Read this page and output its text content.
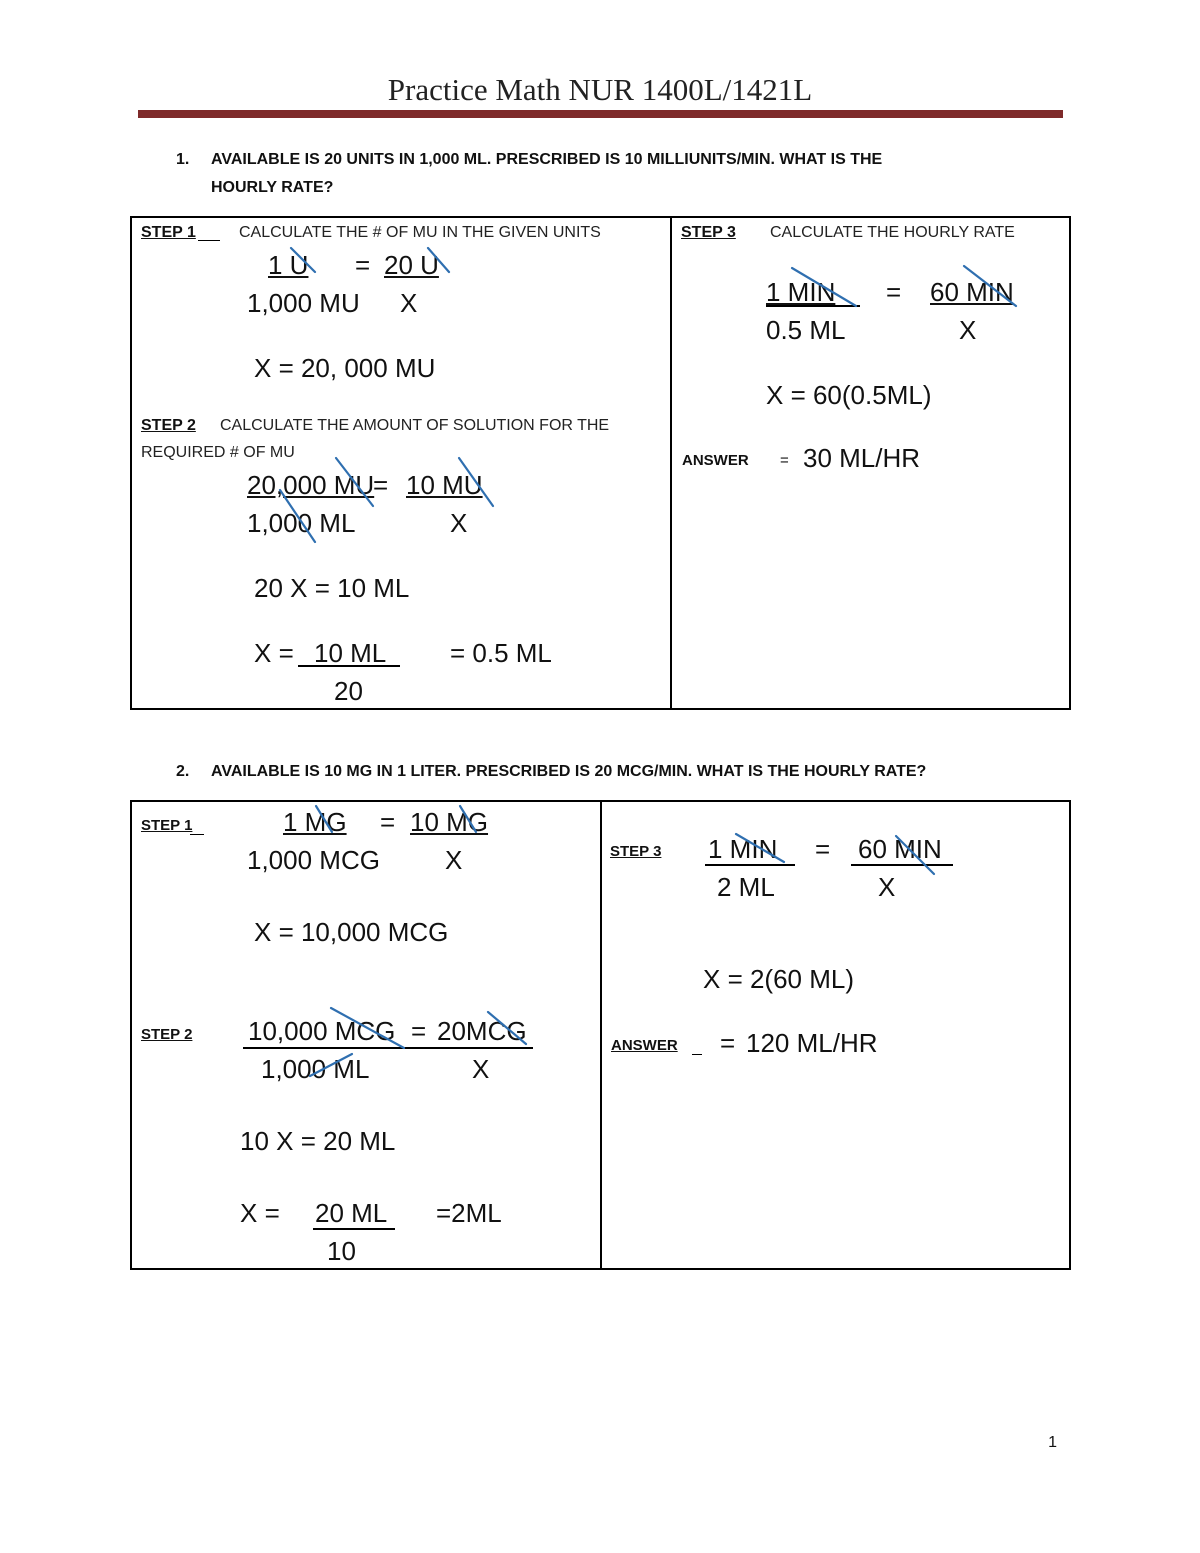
Practice Math NUR 1400L/1421L
1. AVAILABLE IS 20 UNITS IN 1,000 ML. PRESCRIBED IS 10 MILLIUNITS/MIN. WHAT IS THE
HOURLY RATE?
STEP 1	CALCULATE THE # OF MU IN THE GIVEN UNITS
1 U = 20 U
1,000 MU X
X = 20, 000 MU
STEP 2 CALCULATE THE AMOUNT OF SOLUTION FOR THE
REQUIRED # OF MU
20,000 MU
= 10 MU
1,000 ML	X
20 X = 10 ML
X = 10 ML
20
= 0.5 ML
STEP 3 CALCULATE THE HOURLY RATE
1 MIN = 60 MIN
0.5 ML	X
X = 60(0.5ML)
ANSWER = 30 ML/HR
2. AVAILABLE IS 10 MG IN 1 LITER. PRESCRIBED IS 20 MCG/MIN. WHAT IS THE HOURLY RATE?
STEP 1	1 MG = 10 MG
1,000 MCG	X
X = 10,000 MCG
STEP 2 10,000 MCG = 20MCG
1,000 ML	X
10 X = 20 ML
X = 20 ML
10
=2ML
STEP 3 1 MIN = 60 MIN
2 ML	X
X = 2(60 ML)
ANSWER = 120 ML/HR
1
